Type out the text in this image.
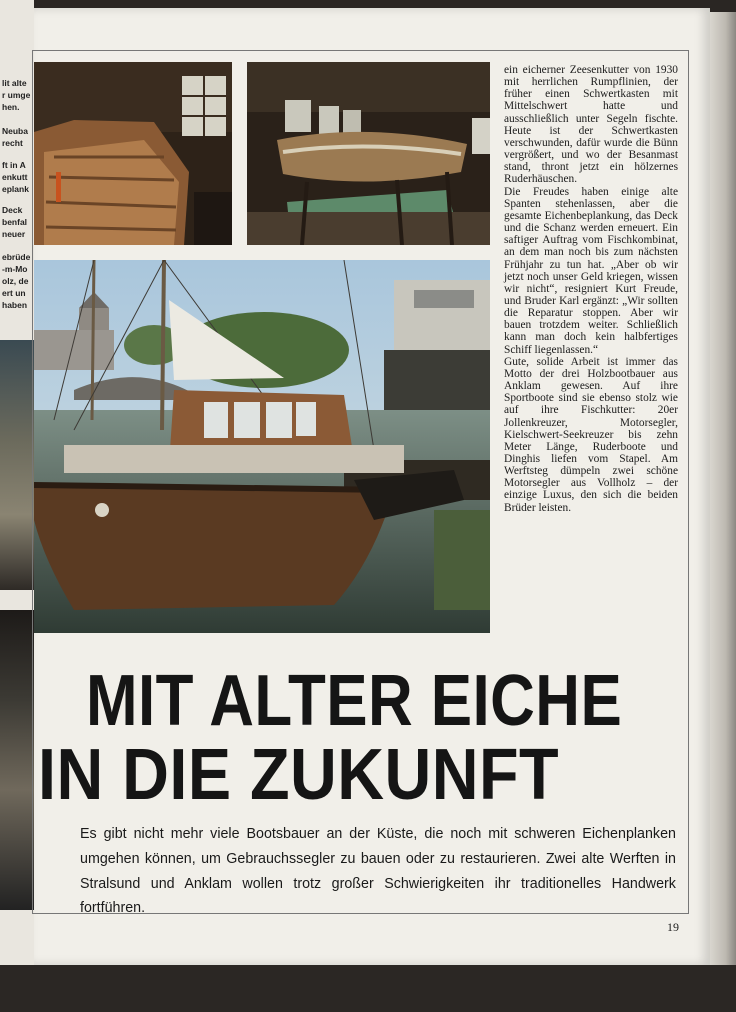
lit alte
r umge
hen.
Neuba
recht
ft in A
enkutt
eplank
Deck
benfal
neuer
ebrüde
-m-Mo
olz, de
ert un
haben

ein eicherner Zeesenkutter von 1930 mit herrlichen Rumpflinien, der früher einen Schwertkasten mit Mittelschwert hatte und ausschließlich unter Segeln fischte. Heute ist der Schwertkasten verschwunden, dafür wurde die Bünn vergrößert, und wo der Besanmast stand, thront jetzt ein hölzernes Ruderhäuschen.

Die Freudes haben einige alte Spanten stehenlassen, aber die gesamte Eichenbeplankung, das Deck und die Schanz werden erneuert. Ein saftiger Auftrag vom Fischkombinat, an dem man noch bis zum nächsten Frühjahr zu tun hat. „Aber ob wir jetzt noch unser Geld kriegen, wissen wir nicht“, resigniert Kurt Freude, und Bruder Karl ergänzt: „Wir sollten die Reparatur stoppen. Aber wir bauen trotzdem weiter. Schließlich kann man doch kein halbfertiges Schiff liegenlassen.“

Gute, solide Arbeit ist immer das Motto der drei Holzbootbauer aus Anklam gewesen. Auf ihre Sportboote sind sie ebenso stolz wie auf ihre Fischkutter: 20er Jollenkreuzer, Motorsegler, Kielschwert-Seekreuzer bis zehn Meter Länge, Ruderboote und Dinghis liefen vom Stapel. Am Werftsteg dümpeln zwei schöne Motorsegler aus Vollholz – der einzige Luxus, den sich die beiden Brüder leisten.

MIT ALTER EICHE
IN DIE ZUKUNFT
Es gibt nicht mehr viele Bootsbauer an der Küste, die noch mit schweren Eichenplanken umgehen können, um Gebrauchssegler zu bauen oder zu restaurieren. Zwei alte Werften in Stralsund und Anklam wollen trotz großer Schwierigkeiten ihr traditionelles Handwerk fortführen.
19
